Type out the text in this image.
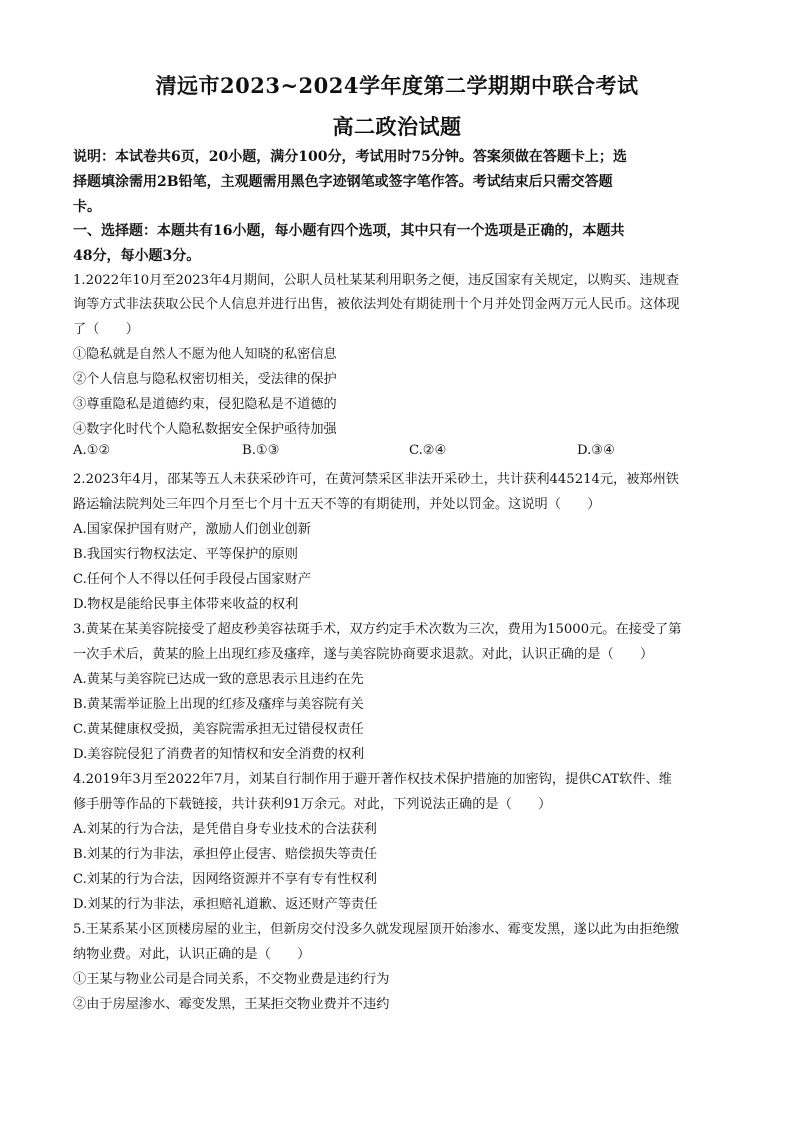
清远市2023~2024学年度第二学期期中联合考试
高二政治试题
说明：本试卷共6页，20小题，满分100分，考试用时75分钟。答案须做在答题卡上；选
择题填涂需用2B铅笔，主观题需用黑色字迹钢笔或签字笔作答。考试结束后只需交答题
卡。
一、选择题：本题共有16小题，每小题有四个选项，其中只有一个选项是正确的，本题共
48分，每小题3分。
1.2022年10月至2023年4月期间，公职人员杜某某利用职务之便，违反国家有关规定，以购买、违规查
询等方式非法获取公民个人信息并进行出售，被依法判处有期徒刑十个月并处罚金两万元人民币。这体现
了（　　）
①隐私就是自然人不愿为他人知晓的私密信息
②个人信息与隐私权密切相关，受法律的保护
③尊重隐私是道德约束，侵犯隐私是不道德的
④数字化时代个人隐私数据安全保护亟待加强
A.①②	B.①③	C.②④	D.③④
2.2023年4月，邵某等五人未获采砂许可，在黄河禁采区非法开采砂土，共计获利445214元，被郑州铁
路运输法院判处三年四个月至七个月十五天不等的有期徒刑，并处以罚金。这说明（　　）
A.国家保护国有财产，激励人们创业创新
B.我国实行物权法定、平等保护的原则
C.任何个人不得以任何手段侵占国家财产
D.物权是能给民事主体带来收益的权利
3.黄某在某美容院接受了超皮秒美容祛斑手术，双方约定手术次数为三次，费用为15000元。在接受了第
一次手术后，黄某的脸上出现红疹及瘙痒，遂与美容院协商要求退款。对此，认识正确的是（　　）
A.黄某与美容院已达成一致的意思表示且违约在先
B.黄某需举证脸上出现的红疹及瘙痒与美容院有关
C.黄某健康权受损，美容院需承担无过错侵权责任
D.美容院侵犯了消费者的知情权和安全消费的权利
4.2019年3月至2022年7月，刘某自行制作用于避开著作权技术保护措施的加密钩，提供CAT软件、维
修手册等作品的下载链接，共计获利91万余元。对此，下列说法正确的是（　　）
A.刘某的行为合法，是凭借自身专业技术的合法获利
B.刘某的行为非法，承担停止侵害、赔偿损失等责任
C.刘某的行为合法，因网络资源并不享有专有性权利
D.刘某的行为非法，承担赔礼道歉、返还财产等责任
5.王某系某小区顶楼房屋的业主，但新房交付没多久就发现屋顶开始渗水、霉变发黑，遂以此为由拒绝缴
纳物业费。对此，认识正确的是（　　）
①王某与物业公司是合同关系，不交物业费是违约行为
②由于房屋渗水、霉变发黑，王某拒交物业费并不违约
